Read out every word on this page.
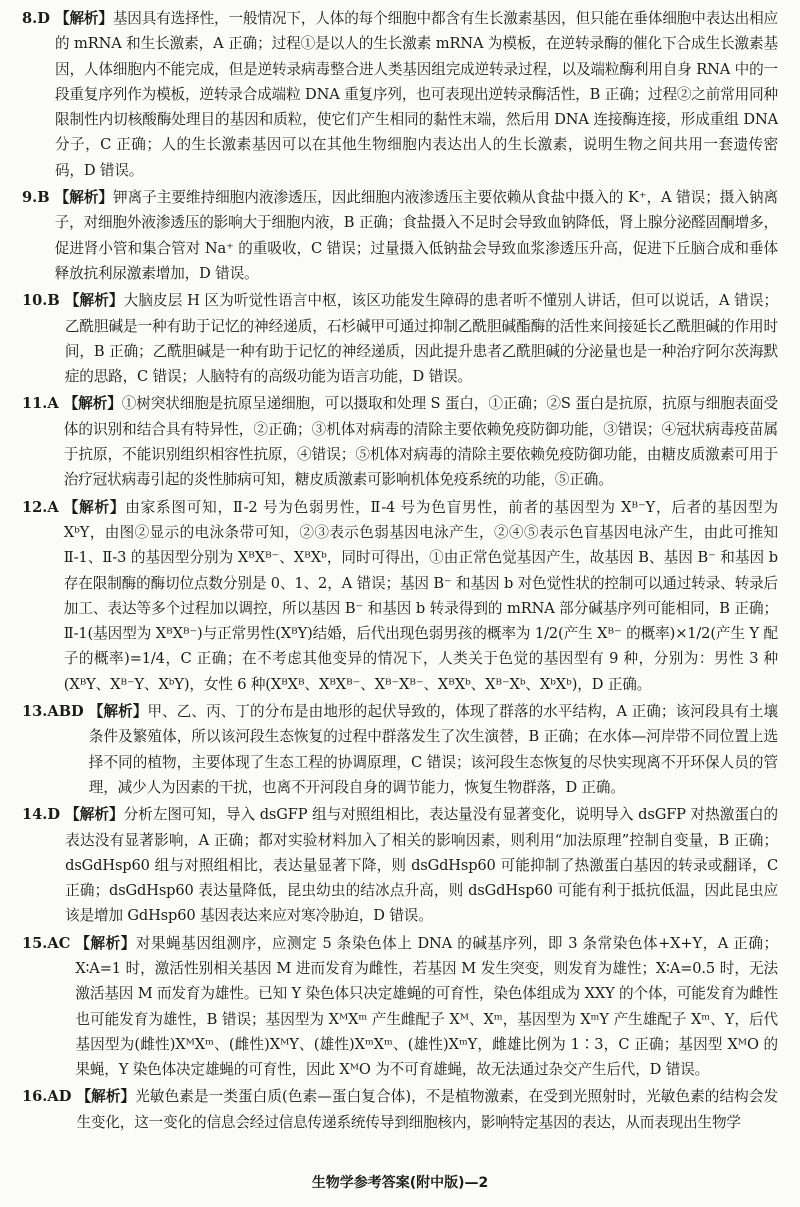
8.D 【解析】基因具有选择性，一般情况下，人体的每个细胞中都含有生长激素基因，但只能在垂体细胞中表达出相应的 mRNA 和生长激素，A 正确；过程①是以人的生长激素 mRNA 为模板，在逆转录酶的催化下合成生长激素基因，人体细胞内不能完成，但是逆转录病毒整合进人类基因组完成逆转录过程，以及端粒酶利用自身 RNA 中的一段重复序列作为模板，逆转录合成端粒 DNA 重复序列，也可表现出逆转录酶活性，B 正确；过程②之前常用同种限制性内切核酸酶处理目的基因和质粒，使它们产生相同的黏性末端，然后用 DNA 连接酶连接，形成重组 DNA 分子，C 正确；人的生长激素基因可以在其他生物细胞内表达出人的生长激素，说明生物之间共用一套遗传密码，D 错误。
9.B 【解析】钾离子主要维持细胞内液渗透压，因此细胞内液渗透压主要依赖从食盐中摄入的 K⁺，A 错误；摄入钠离子，对细胞外液渗透压的影响大于细胞内液，B 正确；食盐摄入不足时会导致血钠降低，肾上腺分泌醛固酮增多，促进肾小管和集合管对 Na⁺ 的重吸收，C 错误；过量摄入低钠盐会导致血浆渗透压升高，促进下丘脑合成和垂体释放抗利尿激素增加，D 错误。
10.B 【解析】大脑皮层 H 区为听觉性语言中枢，该区功能发生障碍的患者听不懂别人讲话，但可以说话，A 错误；乙酰胆碱是一种有助于记忆的神经递质，石杉碱甲可通过抑制乙酰胆碱酯酶的活性来间接延长乙酰胆碱的作用时间，B 正确；乙酰胆碱是一种有助于记忆的神经递质，因此提升患者乙酰胆碱的分泌量也是一种治疗阿尔茨海默症的思路，C 错误；人脑特有的高级功能为语言功能，D 错误。
11.A 【解析】①树突状细胞是抗原呈递细胞，可以摄取和处理 S 蛋白，①正确；②S 蛋白是抗原，抗原与细胞表面受体的识别和结合具有特异性，②正确；③机体对病毒的清除主要依赖免疫防御功能，③错误；④冠状病毒疫苗属于抗原，不能识别组织相容性抗原，④错误；⑤机体对病毒的清除主要依赖免疫防御功能，由糖皮质激素可用于治疗冠状病毒引起的炎性肺病可知，糖皮质激素可影响机体免疫系统的功能，⑤正确。
12.A 【解析】由家系图可知，Ⅱ-2 号为色弱男性，Ⅱ-4 号为色盲男性，前者的基因型为 Xᴮ⁻Y，后者的基因型为 XᵇY，由图②显示的电泳条带可知，②③表示色弱基因电泳产生，②④⑤表示色盲基因电泳产生，由此可推知Ⅱ-1、Ⅱ-3 的基因型分别为 XᴮXᴮ⁻、XᴮXᵇ，同时可得出，①由正常色觉基因产生，故基因 B、基因 B⁻ 和基因 b 存在限制酶的酶切位点数分别是 0、1、2，A 错误；基因 B⁻ 和基因 b 对色觉性状的控制可以通过转录、转录后加工、表达等多个过程加以调控，所以基因 B⁻ 和基因 b 转录得到的 mRNA 部分碱基序列可能相同，B 正确；Ⅱ-1(基因型为 XᴮXᴮ⁻)与正常男性(XᴮY)结婚，后代出现色弱男孩的概率为 1/2(产生 Xᴮ⁻ 的概率)×1/2(产生 Y 配子的概率)=1/4，C 正确；在不考虑其他变异的情况下，人类关于色觉的基因型有 9 种，分别为：男性 3 种(XᴮY、Xᴮ⁻Y、XᵇY)，女性 6 种(XᴮXᴮ、XᴮXᴮ⁻、Xᴮ⁻Xᴮ⁻、XᴮXᵇ、Xᴮ⁻Xᵇ、XᵇXᵇ)，D 正确。
13.ABD 【解析】甲、乙、丙、丁的分布是由地形的起伏导致的，体现了群落的水平结构，A 正确；该河段具有土壤条件及繁殖体，所以该河段生态恢复的过程中群落发生了次生演替，B 正确；在水体—河岸带不同位置上选择不同的植物，主要体现了生态工程的协调原理，C 错误；该河段生态恢复的尽快实现离不开环保人员的管理，减少人为因素的干扰，也离不开河段自身的调节能力，恢复生物群落，D 正确。
14.D 【解析】分析左图可知，导入 dsGFP 组与对照组相比，表达量没有显著变化，说明导入 dsGFP 对热激蛋白的表达没有显著影响，A 正确；都对实验材料加入了相关的影响因素，则利用“加法原理”控制自变量，B 正确；dsGdHsp60 组与对照组相比，表达量显著下降，则 dsGdHsp60 可能抑制了热激蛋白基因的转录或翻译，C 正确；dsGdHsp60 表达量降低，昆虫幼虫的结冰点升高，则 dsGdHsp60 可能有利于抵抗低温，因此昆虫应该是增加 GdHsp60 基因表达来应对寒冷胁迫，D 错误。
15.AC 【解析】对果蝇基因组测序，应测定 5 条染色体上 DNA 的碱基序列，即 3 条常染色体+X+Y，A 正确；X∶A=1 时，激活性别相关基因 M 进而发育为雌性，若基因 M 发生突变，则发育为雄性；X∶A=0.5 时，无法激活基因 M 而发育为雄性。已知 Y 染色体只决定雄蝇的可育性，染色体组成为 XXY 的个体，可能发育为雌性也可能发育为雄性，B 错误；基因型为 XᴹXᵐ 产生雌配子 Xᴹ、Xᵐ，基因型为 XᵐY 产生雄配子 Xᵐ、Y，后代基因型为(雌性)XᴹXᵐ、(雌性)XᴹY、(雄性)XᵐXᵐ、(雄性)XᵐY，雌雄比例为 1∶3，C 正确；基因型 XᴹO 的果蝇，Y 染色体决定雄蝇的可育性，因此 XᴹO 为不可育雄蝇，故无法通过杂交产生后代，D 错误。
16.AD 【解析】光敏色素是一类蛋白质(色素—蛋白复合体)，不是植物激素，在受到光照射时，光敏色素的结构会发生变化，这一变化的信息会经过信息传递系统传导到细胞核内，影响特定基因的表达，从而表现出生物学
生物学参考答案(附中版)—2
